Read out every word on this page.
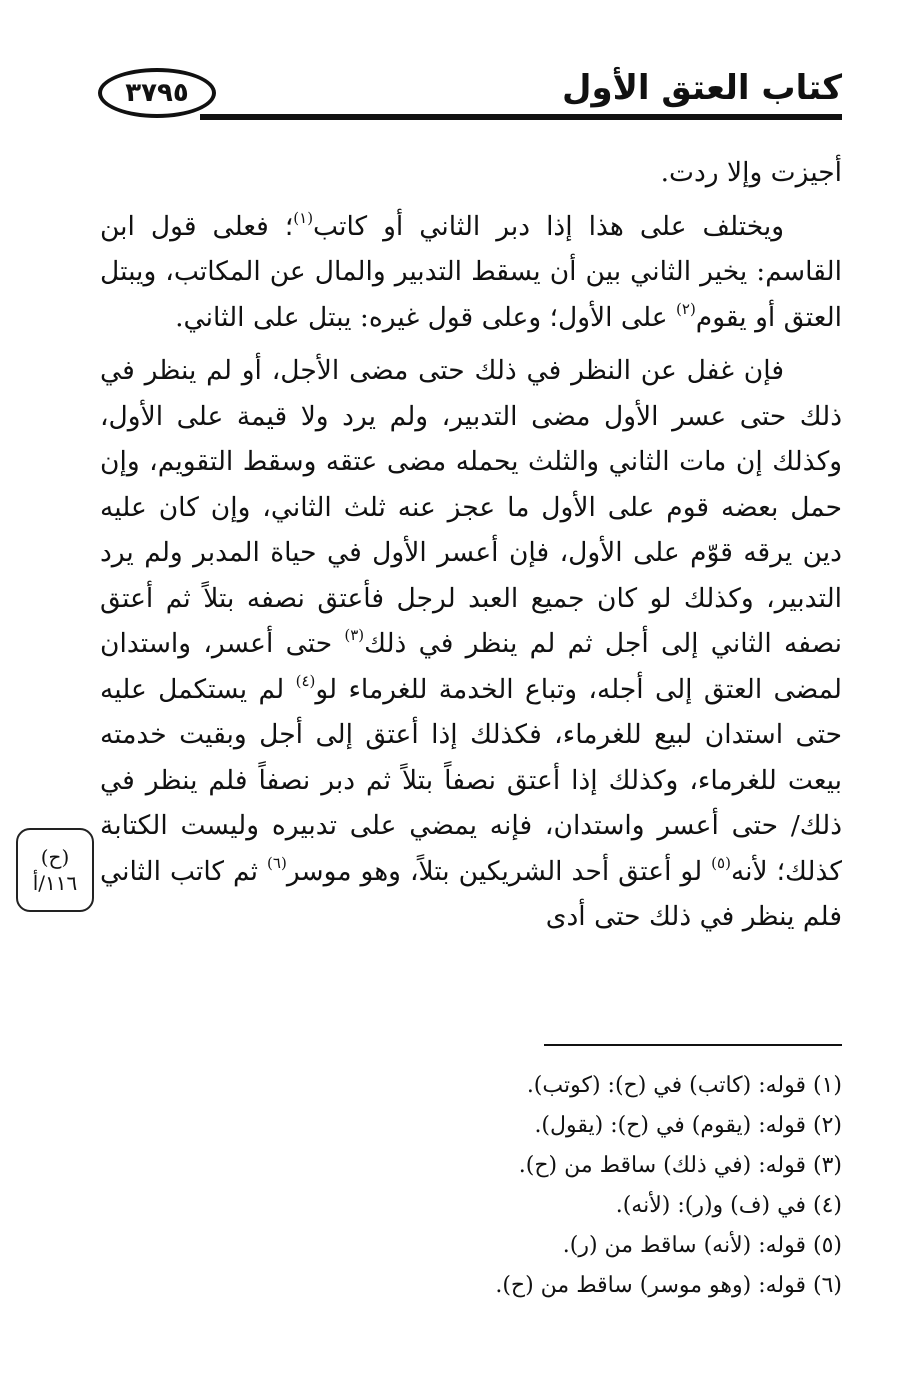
كتاب العتق الأول
٣٧٩٥

أجيزت وإلا ردت.

ويختلف على هذا إذا دبر الثاني أو كاتب$^{(١)}$؛ فعلى قول ابن القاسم: يخير الثاني بين أن يسقط التدبير والمال عن المكاتب، ويبتل العتق أو يقوم$^{(٢)}$ على الأول؛ وعلى قول غيره: يبتل على الثاني.

فإن غفل عن النظر في ذلك حتى مضى الأجل، أو لم ينظر في ذلك حتى عسر الأول مضى التدبير، ولم يرد ولا قيمة على الأول، وكذلك إن مات الثاني والثلث يحمله مضى عتقه وسقط التقويم، وإن حمل بعضه قوم على الأول ما عجز عنه ثلث الثاني، وإن كان عليه دين يرقه قوّم على الأول، فإن أعسر الأول في حياة المدبر ولم يرد التدبير، وكذلك لو كان جميع العبد لرجل فأعتق نصفه بتلاً ثم أعتق نصفه الثاني إلى أجل ثم لم ينظر في ذلك$^{(٣)}$ حتى أعسر، واستدان لمضى العتق إلى أجله، وتباع الخدمة للغرماء لو$^{(٤)}$ لم يستكمل عليه حتى استدان لبيع للغرماء، فكذلك إذا أعتق إلى أجل وبقيت خدمته بيعت للغرماء، وكذلك إذا أعتق نصفاً بتلاً ثم دبر نصفاً فلم ينظر في ذلك/ حتى أعسر واستدان، فإنه يمضي على تدبيره وليست الكتابة كذلك؛ لأنه$^{(٥)}$ لو أعتق أحد الشريكين بتلاً، وهو موسر$^{(٦)}$ ثم كاتب الثاني فلم ينظر في ذلك حتى أدى

(ح)
١١٦/أ

(١) قوله: (كاتب) في (ح): (كوتب).

(٢) قوله: (يقوم) في (ح): (يقول).

(٣) قوله: (في ذلك) ساقط من (ح).

(٤) في (ف) و(ر): (لأنه).

(٥) قوله: (لأنه) ساقط من (ر).

(٦) قوله: (وهو موسر) ساقط من (ح).
